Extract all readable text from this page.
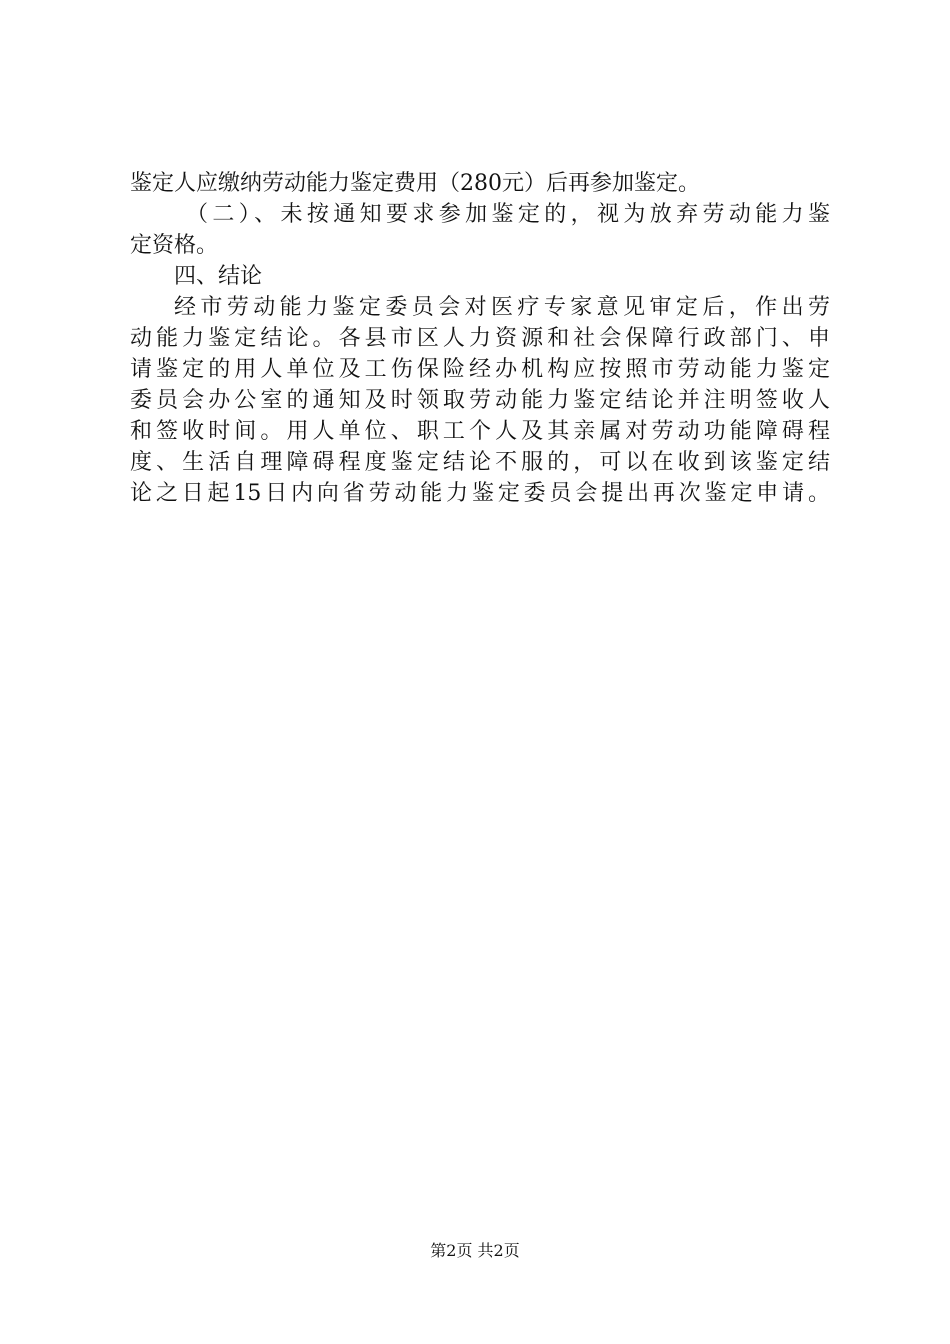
鉴定人应缴纳劳动能力鉴定费用（280元）后再参加鉴定。
（二）、未按通知要求参加鉴定的，视为放弃劳动能力鉴
定资格。
四、结论
经市劳动能力鉴定委员会对医疗专家意见审定后，作出劳
动能力鉴定结论。各县市区人力资源和社会保障行政部门、申
请鉴定的用人单位及工伤保险经办机构应按照市劳动能力鉴定
委员会办公室的通知及时领取劳动能力鉴定结论并注明签收人
和签收时间。用人单位、职工个人及其亲属对劳动功能障碍程
度、生活自理障碍程度鉴定结论不服的，可以在收到该鉴定结
论之日起15日内向省劳动能力鉴定委员会提出再次鉴定申请。
第2页 共2页
